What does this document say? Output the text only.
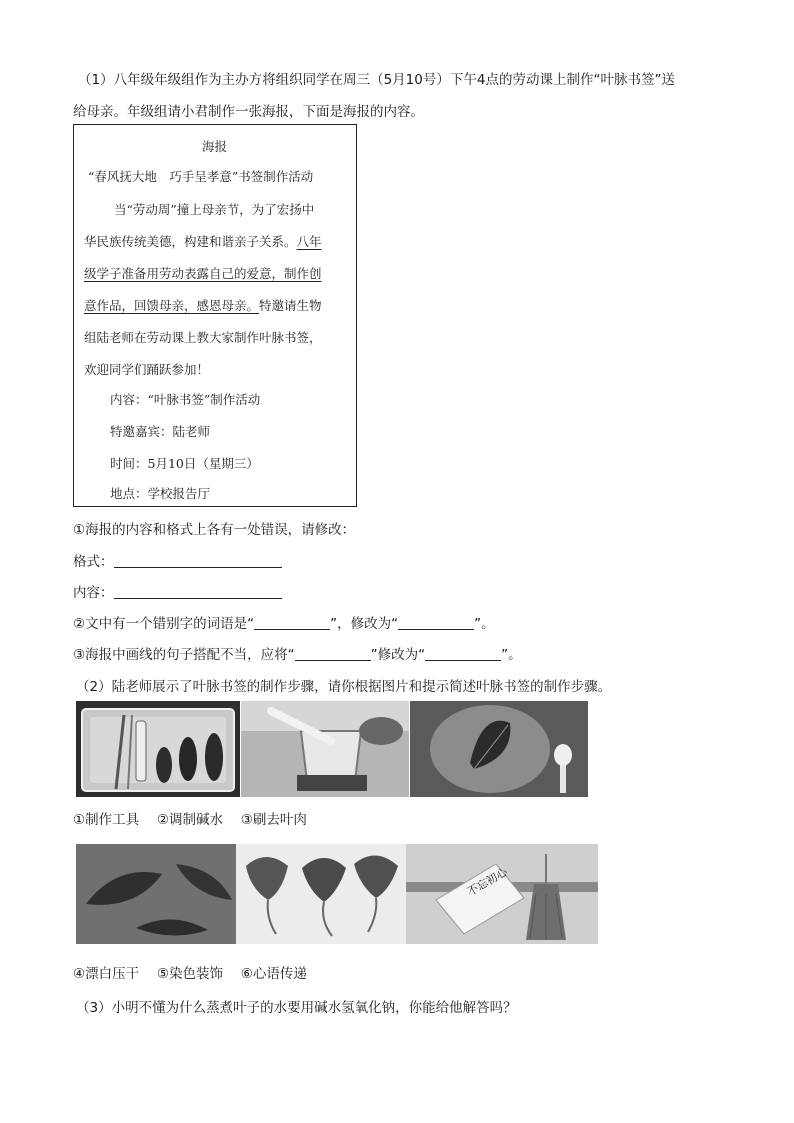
（1）八年级年级组作为主办方将组织同学在周三（5月10号）下午4点的劳动课上制作“叶脉书签”送
给母亲。年级组请小君制作一张海报，下面是海报的内容。
海报
“春风抚大地　巧手呈孝意”书签制作活动
当“劳动周”撞上母亲节，为了宏扬中
华民族传统美德，构建和谐亲子关系。八年
级学子准备用劳动表露自己的爱意，制作创
意作品，回馈母亲，感恩母亲。特邀请生物
组陆老师在劳动课上教大家制作叶脉书签，
欢迎同学们踊跃参加！
内容：“叶脉书签”制作活动
特邀嘉宾：陆老师
时间：5月10日（星期三）
地点：学校报告厅
①海报的内容和格式上各有一处错误，请修改：
格式：
内容：
②文中有一个错别字的词语是“	”，修改为“	”。
③海报中画线的句子搭配不当，应将“	”修改为“	”。
（2）陆老师展示了叶脉书签的制作步骤，请你根据图片和提示简述叶脉书签的制作步骤。
①制作工具　 ②调制碱水　 ③刷去叶肉
不忘初心
④漂白压干　 ⑤染色装饰　 ⑥心语传递
（3）小明不懂为什么蒸煮叶子的水要用碱水氢氧化钠，你能给他解答吗？
